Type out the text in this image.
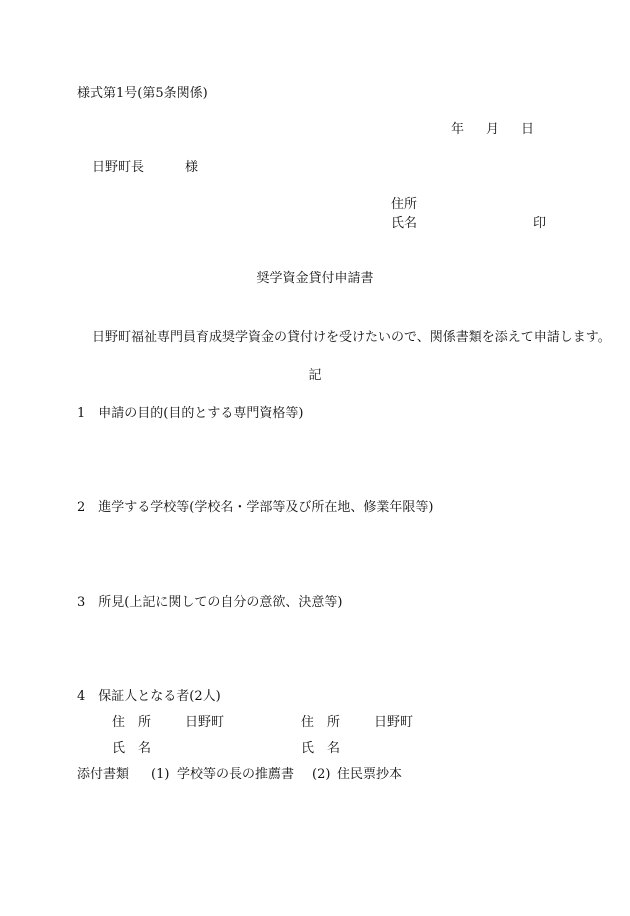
様式第1号(第5条関係)
年 月 日
日野町長	様
住所
氏名	印
奨学資金貸付申請書
日野町福祉専門員育成奨学資金の貸付けを受けたいので、関係書類を添えて申請します。
記
1　申請の目的(目的とする専門資格等)
2　進学する学校等(学校名・学部等及び所在地、修業年限等)
3　所見(上記に関しての自分の意欲、決意等)
4　保証人となる者(2人)
住　所	日野町	住　所	日野町
氏　名	氏　名
添付書類 (1) 学校等の長の推薦書 (2) 住民票抄本
